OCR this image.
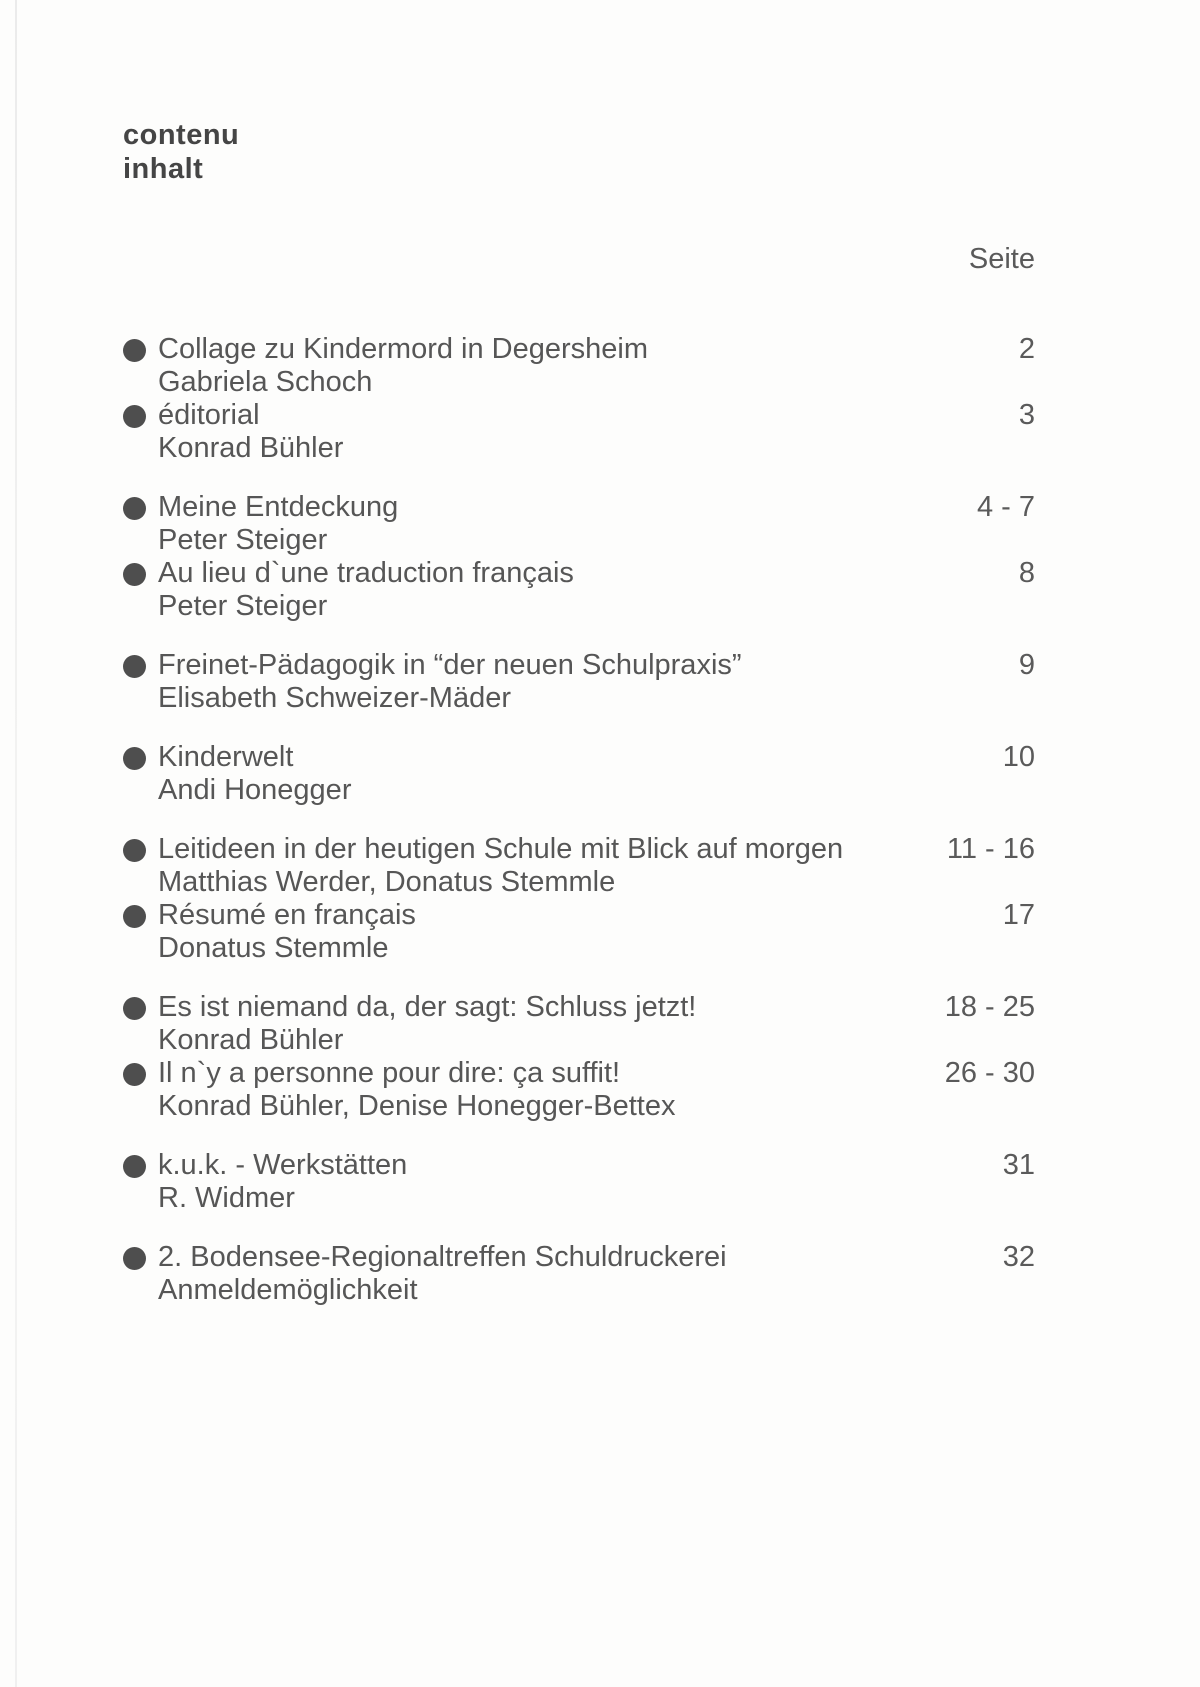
contenu
inhalt
Seite
Collage zu Kindermord in Degersheim
Gabriela Schoch
2
éditorial
Konrad Bühler
3
Meine Entdeckung
Peter Steiger
4 - 7
Au lieu d`une traduction français
Peter Steiger
8
Freinet-Pädagogik in “der neuen Schulpraxis”
Elisabeth Schweizer-Mäder
9
Kinderwelt
Andi Honegger
10
Leitideen in der heutigen Schule mit Blick auf morgen
Matthias Werder, Donatus Stemmle
11 - 16
Résumé en français
Donatus Stemmle
17
Es ist niemand da, der sagt: Schluss jetzt!
Konrad Bühler
18 - 25
Il n`y a personne pour dire: ça suffit!
Konrad Bühler, Denise Honegger-Bettex
26 - 30
k.u.k. - Werkstätten
R. Widmer
31
2. Bodensee-Regionaltreffen Schuldruckerei
Anmeldemöglichkeit
32
